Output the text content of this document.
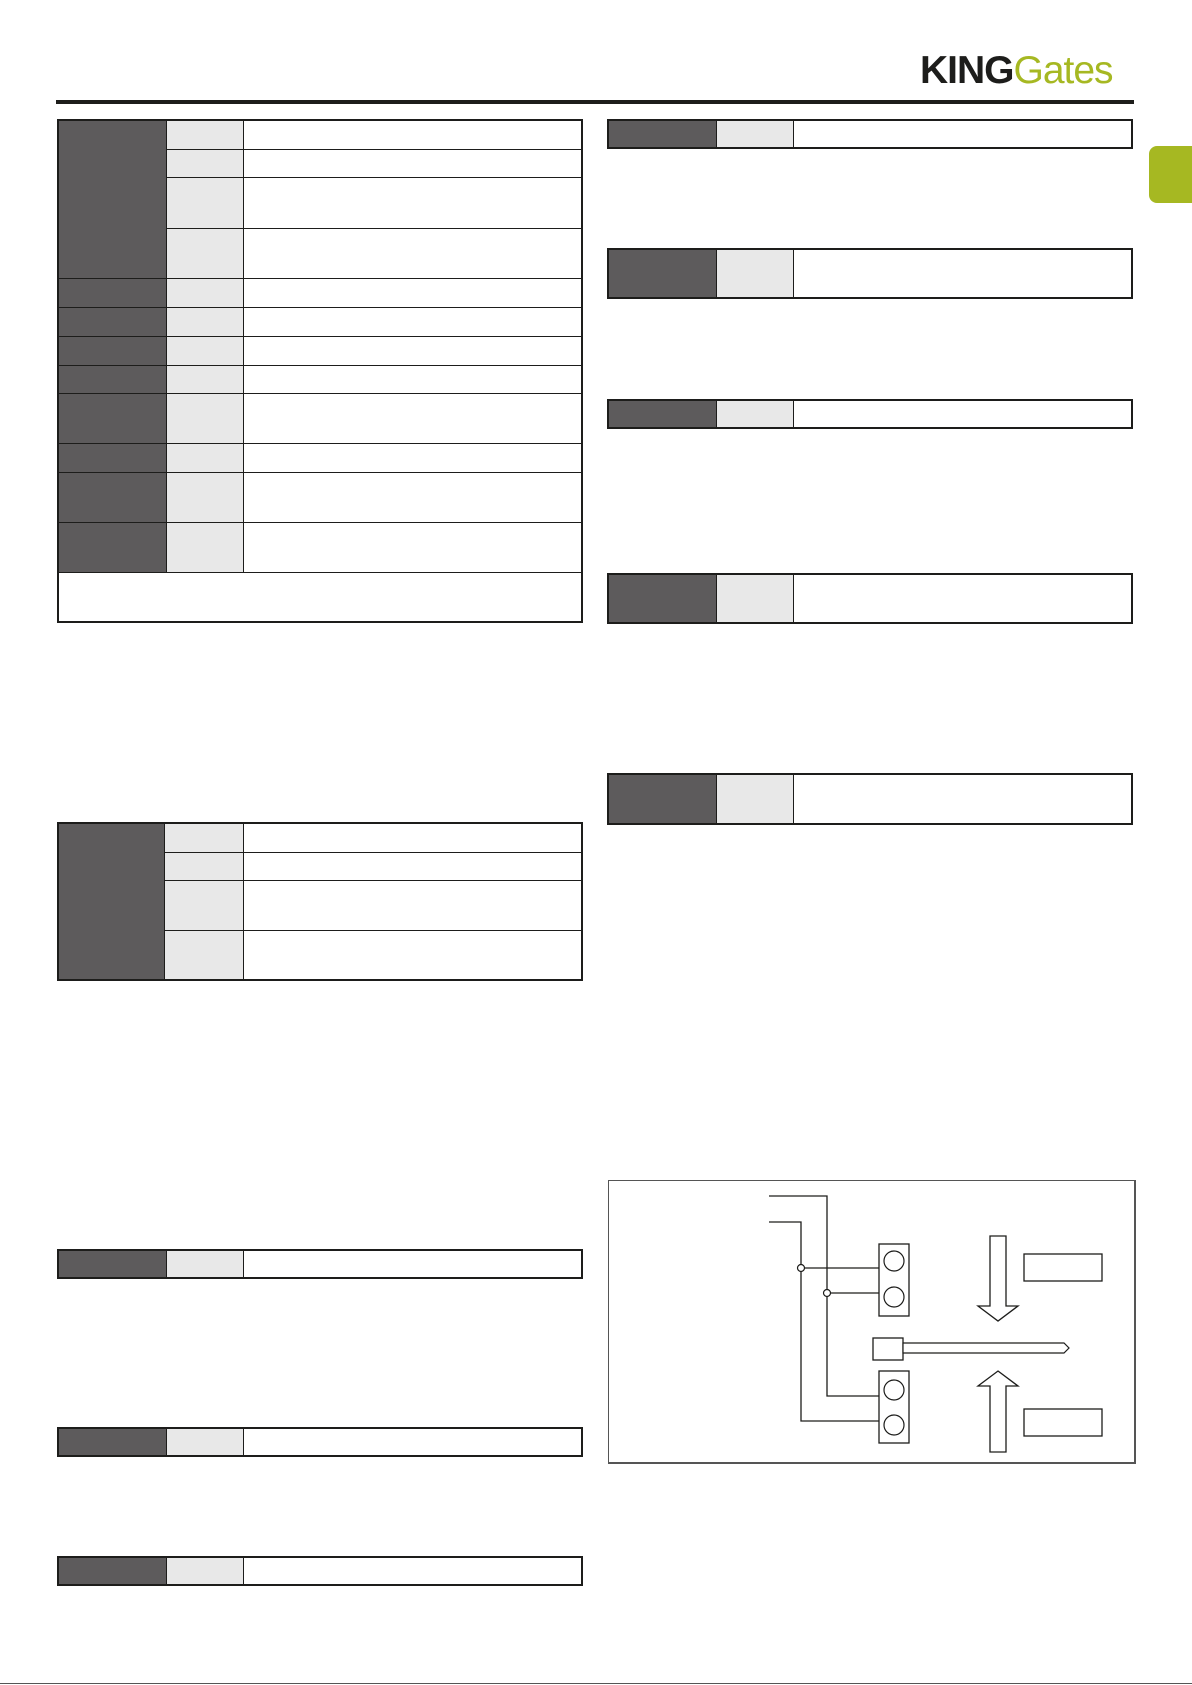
KINGGates
